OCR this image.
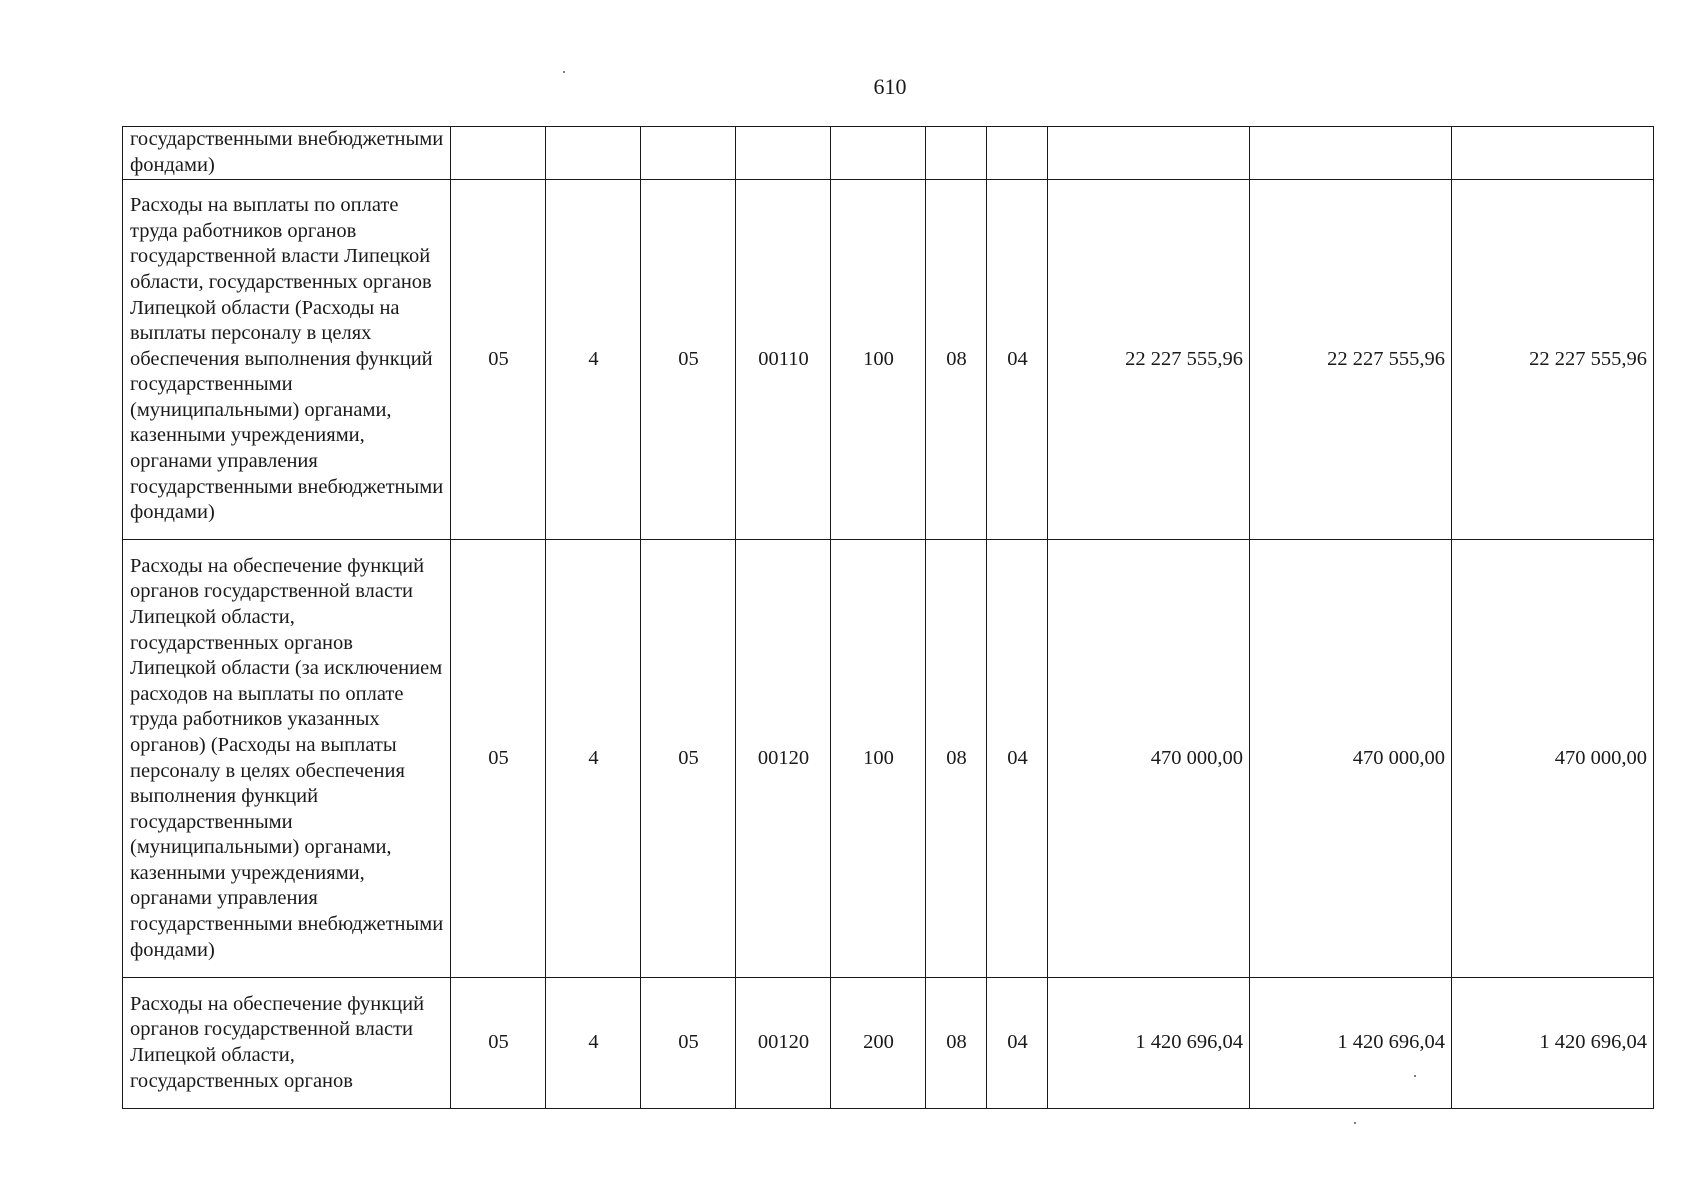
610
государственными внебюджетными фондами)										
Расходы на выплаты по оплате труда работников органов государственной власти Липецкой области, государственных органов Липецкой области (Расходы на выплаты персоналу в целях обеспечения выполнения функций государственными (муниципальными) органами, казенными учреждениями, органами управления государственными внебюджетными фондами)	05	4	05	00110	100	08	04	22 227 555,96	22 227 555,96	22 227 555,96
Расходы на обеспечение функций органов государственной власти Липецкой области, государственных органов Липецкой области (за исключением расходов на выплаты по оплате труда работников указанных органов) (Расходы на выплаты персоналу в целях обеспечения выполнения функций государственными (муниципальными) органами, казенными учреждениями, органами управления государственными внебюджетными фондами)	05	4	05	00120	100	08	04	470 000,00	470 000,00	470 000,00
Расходы на обеспечение функций органов государственной власти Липецкой области, государственных органов	05	4	05	00120	200	08	04	1 420 696,04	1 420 696,04	1 420 696,04
